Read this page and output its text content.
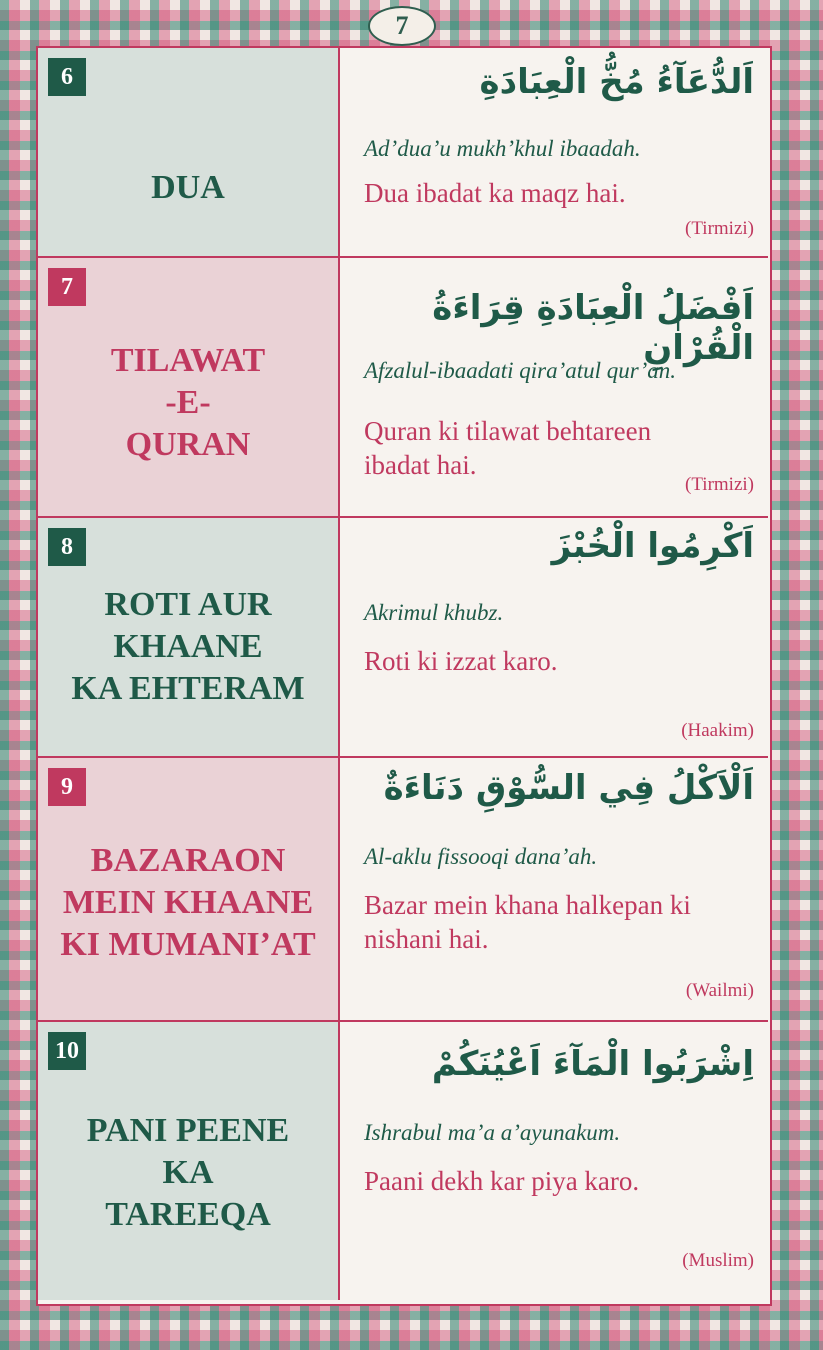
7
6
DUA
اَلدُّعَآءُ مُخُّ الْعِبَادَةِ
Ad’dua’u mukh’khul ibaadah.
Dua ibadat ka maqz hai.
(Tirmizi)
7
TILAWAT
-E-
QURAN
اَفْضَلُ الْعِبَادَةِ قِرَاءَةُ الْقُرْاٰنِ
Afzalul-ibaadati qira’atul qur’an.
Quran ki tilawat behtareen ibadat hai.
(Tirmizi)
8
ROTI AUR
KHAANE
KA EHTERAM
اَكْرِمُوا الْخُبْزَ
Akrimul khubz.
Roti ki izzat karo.
(Haakim)
9
BAZARAON
MEIN KHAANE
KI MUMANI’AT
اَلْاَكْلُ فِي السُّوْقِ دَنَاءَةٌ
Al-aklu fissooqi dana’ah.
Bazar mein khana halkepan ki nishani hai.
(Wailmi)
10
PANI PEENE
KA
TAREEQA
اِشْرَبُوا الْمَآءَ اَعْيُنَكُمْ
Ishrabul ma’a a’ayunakum.
Paani dekh kar piya karo.
(Muslim)
